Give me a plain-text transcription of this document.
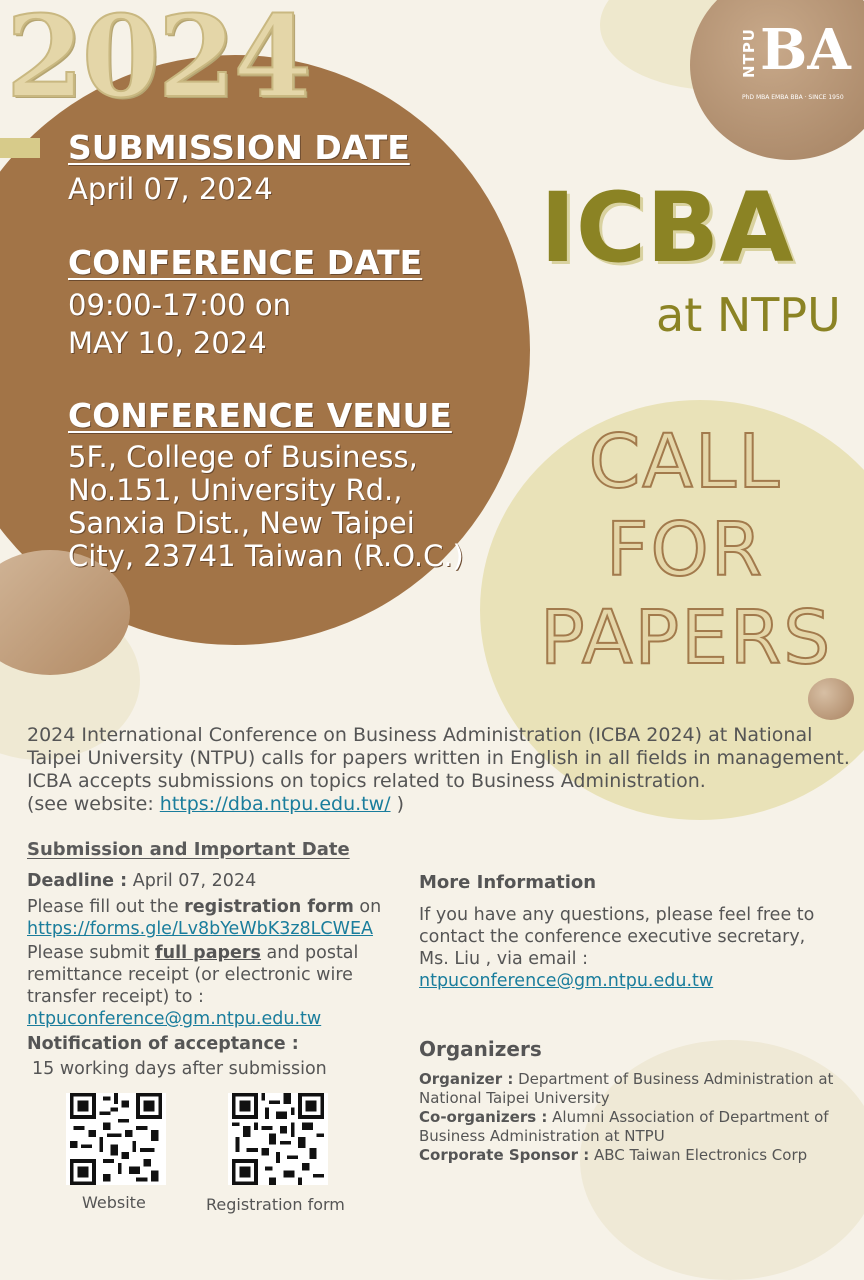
NTPU BA
PhD MBA EMBA BBA · SINCE 1950
2024
SUBMISSION DATE
April 07, 2024
CONFERENCE DATE
09:00-17:00 on
MAY 10, 2024
CONFERENCE VENUE
5F., College of Business,
No.151, University Rd.,
Sanxia Dist., New Taipei
City, 23741 Taiwan (R.O.C.)
ICBA
at NTPU
CALL
FOR
PAPERS
2024 International Conference on Business Administration (ICBA 2024) at National
Taipei University (NTPU) calls for papers written in English in all fields in management.
ICBA accepts submissions on topics related to Business Administration.
(see website: https://dba.ntpu.edu.tw/ )
Submission and Important Date
Deadline : April 07, 2024
Please fill out the registration form on
https://forms.gle/Lv8bYeWbK3z8LCWEA
Please submit full papers and postal
remittance receipt (or electronic wire
transfer receipt) to :
ntpuconference@gm.ntpu.edu.tw
Notification of acceptance :
15 working days after submission
Website	Registration form
More Information
If you have any questions, please feel free to
contact the conference executive secretary,
Ms. Liu , via email :
ntpuconference@gm.ntpu.edu.tw
Organizers
Organizer : Department of Business Administration at
National Taipei University
Co-organizers : Alumni Association of Department of
Business Administration at NTPU
Corporate Sponsor : ABC Taiwan Electronics Corp
